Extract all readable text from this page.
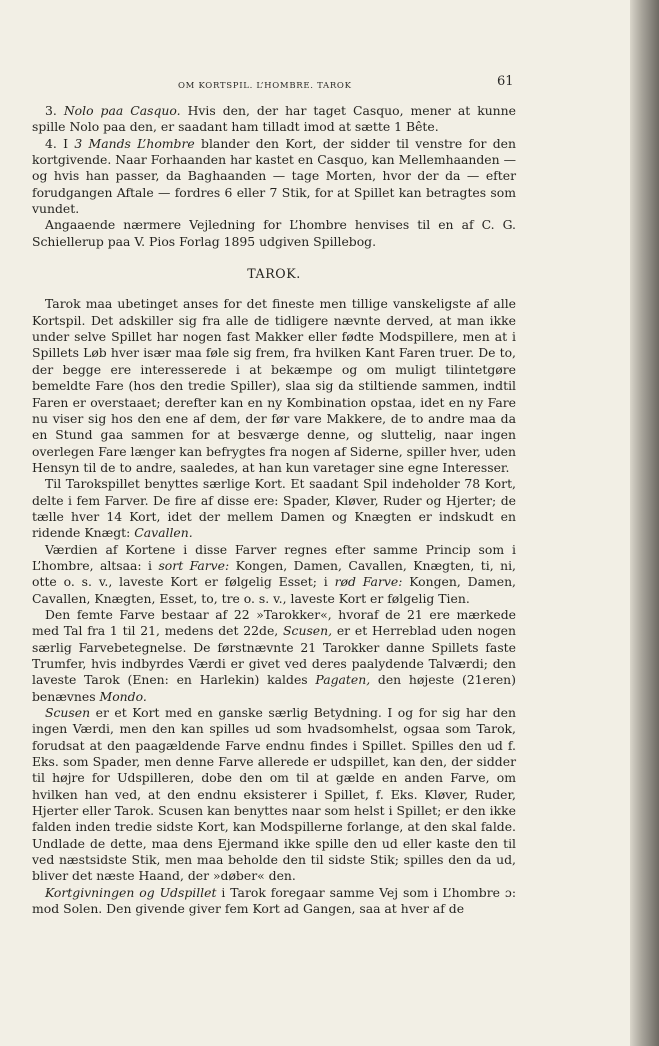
OM KORTSPIL. L’HOMBRE. TAROK	61

3. Nolo paa Casquo. Hvis den, der har taget Casquo, mener at kunne spille Nolo paa den, er saadant ham tilladt imod at sætte 1 Bête.

4. I 3 Mands L’hombre blander den Kort, der sidder til venstre for den kortgivende. Naar Forhaanden har kastet en Casquo, kan Mellemhaanden — og hvis han passer, da Baghaanden — tage Morten, hvor der da — efter forudgangen Aftale — fordres 6 eller 7 Stik, for at Spillet kan betragtes som vundet.

Angaaende nærmere Vejledning for L’hombre henvises til en af C. G. Schiellerup paa V. Pios Forlag 1895 udgiven Spillebog.

TAROK.

Tarok maa ubetinget anses for det fineste men tillige vanskeligste af alle Kortspil. Det adskiller sig fra alle de tidligere nævnte derved, at man ikke under selve Spillet har nogen fast Makker eller fødte Modspillere, men at i Spillets Løb hver især maa føle sig frem, fra hvilken Kant Faren truer. De to, der begge ere interesserede i at bekæmpe og om muligt tilintetgøre bemeldte Fare (hos den tredie Spiller), slaa sig da stiltiende sammen, indtil Faren er overstaaet; derefter kan en ny Kombination opstaa, idet en ny Fare nu viser sig hos den ene af dem, der før vare Makkere, de to andre maa da en Stund gaa sammen for at besværge denne, og sluttelig, naar ingen overlegen Fare længer kan befrygtes fra nogen af Siderne, spiller hver, uden Hensyn til de to andre, saaledes, at han kun varetager sine egne Interesser.

Til Tarokspillet benyttes særlige Kort. Et saadant Spil indeholder 78 Kort, delte i fem Farver. De fire af disse ere: Spader, Kløver, Ruder og Hjerter; de tælle hver 14 Kort, idet der mellem Damen og Knægten er indskudt en ridende Knægt: Cavallen.

Værdien af Kortene i disse Farver regnes efter samme Princip som i L’hombre, altsaa: i sort Farve: Kongen, Damen, Cavallen, Knægten, ti, ni, otte o. s. v., laveste Kort er følgelig Esset; i rød Farve: Kongen, Damen, Cavallen, Knægten, Esset, to, tre o. s. v., laveste Kort er følgelig Tien.

Den femte Farve bestaar af 22 »Tarokker«, hvoraf de 21 ere mærkede med Tal fra 1 til 21, medens det 22de, Scusen, er et Herreblad uden nogen særlig Farvebetegnelse. De førstnævnte 21 Tarokker danne Spillets faste Trumfer, hvis indbyrdes Værdi er givet ved deres paalydende Talværdi; den laveste Tarok (Enen: en Harlekin) kaldes Pagaten, den højeste (21eren) benævnes Mondo.

Scusen er et Kort med en ganske særlig Betydning. I og for sig har den ingen Værdi, men den kan spilles ud som hvadsomhelst, ogsaa som Tarok, forudsat at den paagældende Farve endnu findes i Spillet. Spilles den ud f. Eks. som Spader, men denne Farve allerede er udspillet, kan den, der sidder til højre for Udspilleren, dobe den om til at gælde en anden Farve, om hvilken han ved, at den endnu eksisterer i Spillet, f. Eks. Kløver, Ruder, Hjerter eller Tarok. Scusen kan benyttes naar som helst i Spillet; er den ikke falden inden tredie sidste Kort, kan Modspillerne forlange, at den skal falde. Undlade de dette, maa dens Ejermand ikke spille den ud eller kaste den til ved næstsidste Stik, men maa beholde den til sidste Stik; spilles den da ud, bliver det næste Haand, der »døber« den.

Kortgivningen og Udspillet i Tarok foregaar samme Vej som i L’hombre ɔ: mod Solen. Den givende giver fem Kort ad Gangen, saa at hver af de
